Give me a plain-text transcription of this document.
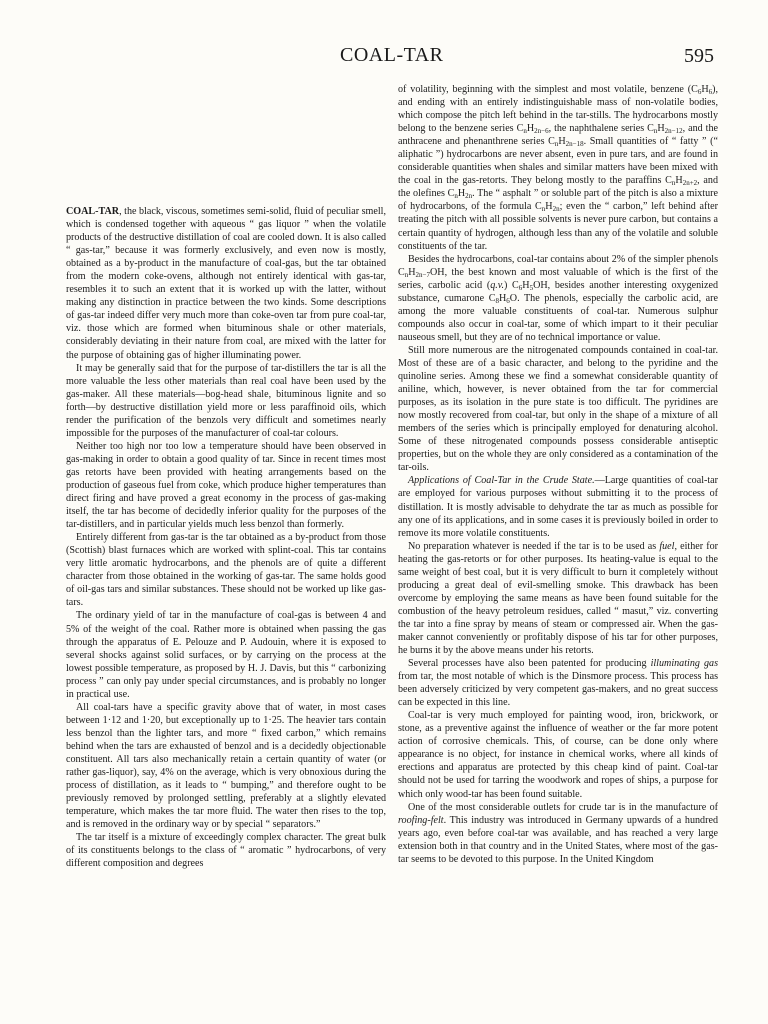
COAL-TAR	595

COAL-TAR, the black, viscous, sometimes semi-solid, fluid of peculiar smell, which is condensed together with aqueous “ gas liquor ” when the volatile products of the destructive distillation of coal are cooled down. It is also called “ gas-tar,” because it was formerly exclusively, and even now is mostly, obtained as a by-product in the manufacture of coal-gas, but the tar obtained from the modern coke-ovens, although not entirely identical with gas-tar, resembles it to such an extent that it is worked up with the latter, without making any distinction in practice between the two kinds. Some descriptions of gas-tar indeed differ very much more than coke-oven tar from pure coal-tar, viz. those which are formed when bituminous shale or other materials, considerably deviating in their nature from coal, are mixed with the latter for the purpose of obtaining gas of higher illuminating power.

It may be generally said that for the purpose of tar-distillers the tar is all the more valuable the less other materials than real coal have been used by the gas-maker. All these materials—bog-head shale, bituminous lignite and so forth—by destructive distillation yield more or less paraffinoid oils, which render the purification of the benzols very difficult and sometimes nearly impossible for the purposes of the manufacturer of coal-tar colours.

Neither too high nor too low a temperature should have been observed in gas-making in order to obtain a good quality of tar. Since in recent times most gas retorts have been provided with heating arrangements based on the production of gaseous fuel from coke, which produce higher temperatures than direct firing and have proved a great economy in the process of gas-making itself, the tar has become of decidedly inferior quality for the purposes of the tar-distillers, and in particular yields much less benzol than formerly.

Entirely different from gas-tar is the tar obtained as a by-product from those (Scottish) blast furnaces which are worked with splint-coal. This tar contains very little aromatic hydrocarbons, and the phenols are of quite a different character from those obtained in the working of gas-tar. The same holds good of oil-gas tars and similar substances. These should not be worked up like gas-tars.

The ordinary yield of tar in the manufacture of coal-gas is between 4 and 5% of the weight of the coal. Rather more is obtained when passing the gas through the apparatus of E. Pelouze and P. Audouin, where it is exposed to several shocks against solid surfaces, or by carrying on the process at the lowest possible temperature, as proposed by H. J. Davis, but this “ carbonizing process ” can only pay under special circumstances, and is probably no longer in practical use.

All coal-tars have a specific gravity above that of water, in most cases between 1·12 and 1·20, but exceptionally up to 1·25. The heavier tars contain less benzol than the lighter tars, and more “ fixed carbon,” which remains behind when the tars are exhausted of benzol and is a decidedly objectionable constituent. All tars also mechanically retain a certain quantity of water (or rather gas-liquor), say, 4% on the average, which is very obnoxious during the process of distillation, as it leads to “ bumping,” and therefore ought to be previously removed by prolonged settling, preferably at a slightly elevated temperature, which makes the tar more fluid. The water then rises to the top, and is removed in the ordinary way or by special “ separators.”

The tar itself is a mixture of exceedingly complex character. The great bulk of its constituents belongs to the class of “ aromatic ” hydrocarbons, of very different composition and degrees

of volatility, beginning with the simplest and most volatile, benzene $(C_6H_6)$, and ending with an entirely indistinguishable mass of non-volatile bodies, which compose the pitch left behind in the tar-stills. The hydrocarbons mostly belong to the benzene series $C_nH_{2n-6}$, the naphthalene series $C_nH_{2n-12}$, and the anthracene and phenanthrene series $C_nH_{2n-18}$. Small quantities of “ fatty ” (“ aliphatic ”) hydrocarbons are never absent, even in pure tars, and are found in considerable quantities when shales and similar matters have been mixed with the coal in the gas-retorts. They belong mostly to the paraffins $C_nH_{2n+2}$, and the olefines $C_nH_{2n}$. The “ asphalt ” or soluble part of the pitch is also a mixture of hydrocarbons, of the formula $C_nH_{2n}$; even the “ carbon,” left behind after treating the pitch with all possible solvents is never pure carbon, but contains a certain quantity of hydrogen, although less than any of the volatile and soluble constituents of the tar.

Besides the hydrocarbons, coal-tar contains about 2% of the simpler phenols $C_nH_{2n-7}OH$, the best known and most valuable of which is the first of the series, carbolic acid (q.v.) $C_6H_5OH$, besides another interesting oxygenized substance, cumarone $C_8H_6O$. The phenols, especially the carbolic acid, are among the more valuable constituents of coal-tar. Numerous sulphur compounds also occur in coal-tar, some of which impart to it their peculiar nauseous smell, but they are of no technical importance or value.

Still more numerous are the nitrogenated compounds contained in coal-tar. Most of these are of a basic character, and belong to the pyridine and the quinoline series. Among these we find a somewhat considerable quantity of aniline, which, however, is never obtained from the tar for commercial purposes, as its isolation in the pure state is too difficult. The pyridines are now mostly recovered from coal-tar, but only in the shape of a mixture of all members of the series which is principally employed for denaturing alcohol. Some of these nitrogenated compounds possess considerable antiseptic properties, but on the whole they are only considered as a contamination of the tar-oils.

Applications of Coal-Tar in the Crude State.—Large quantities of coal-tar are employed for various purposes without submitting it to the process of distillation. It is mostly advisable to dehydrate the tar as much as possible for any one of its applications, and in some cases it is previously boiled in order to remove its more volatile constituents.

No preparation whatever is needed if the tar is to be used as fuel, either for heating the gas-retorts or for other purposes. Its heating-value is equal to the same weight of best coal, but it is very difficult to burn it completely without producing a great deal of evil-smelling smoke. This drawback has been overcome by employing the same means as have been found suitable for the combustion of the heavy petroleum residues, called “ masut,” viz. converting the tar into a fine spray by means of steam or compressed air. When the gas-maker cannot conveniently or profitably dispose of his tar for other purposes, he burns it by the above means under his retorts.

Several processes have also been patented for producing illuminating gas from tar, the most notable of which is the Dinsmore process. This process has been adversely criticized by very competent gas-makers, and no great success can be expected in this line.

Coal-tar is very much employed for painting wood, iron, brickwork, or stone, as a preventive against the influence of weather or the far more potent action of corrosive chemicals. This, of course, can be done only where appearance is no object, for instance in chemical works, where all kinds of erections and apparatus are protected by this cheap kind of paint. Coal-tar should not be used for tarring the woodwork and ropes of ships, a purpose for which only wood-tar has been found suitable.

One of the most considerable outlets for crude tar is in the manufacture of roofing-felt. This industry was introduced in Germany upwards of a hundred years ago, even before coal-tar was available, and has reached a very large extension both in that country and in the United States, where most of the gas-tar seems to be devoted to this purpose. In the United Kingdom
